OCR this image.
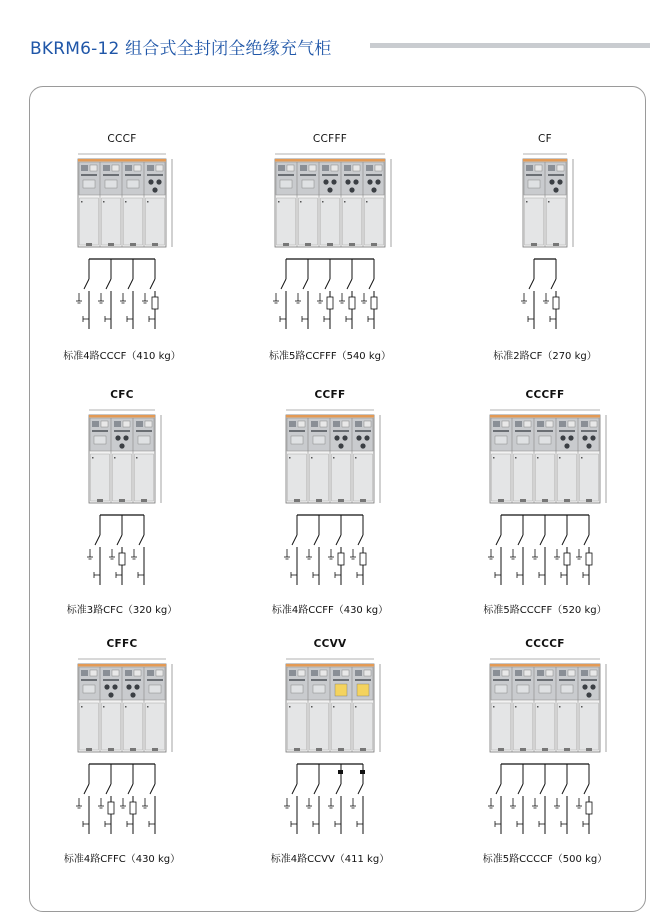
BKRM6-12 组合式全封闭全绝缘充气柜
CCCF
标准4路CCCF（410 kg）
CCFFF
标准5路CCFFF（540 kg）
CF
标准2路CF（270 kg）
CFC
标准3路CFC（320 kg）
CCFF
标准4路CCFF（430 kg）
CCCFF
标准5路CCCFF（520 kg）
CFFC
标准4路CFFC（430 kg）
CCVV
标准4路CCVV（411 kg）
CCCCF
标准5路CCCCF（500 kg）
